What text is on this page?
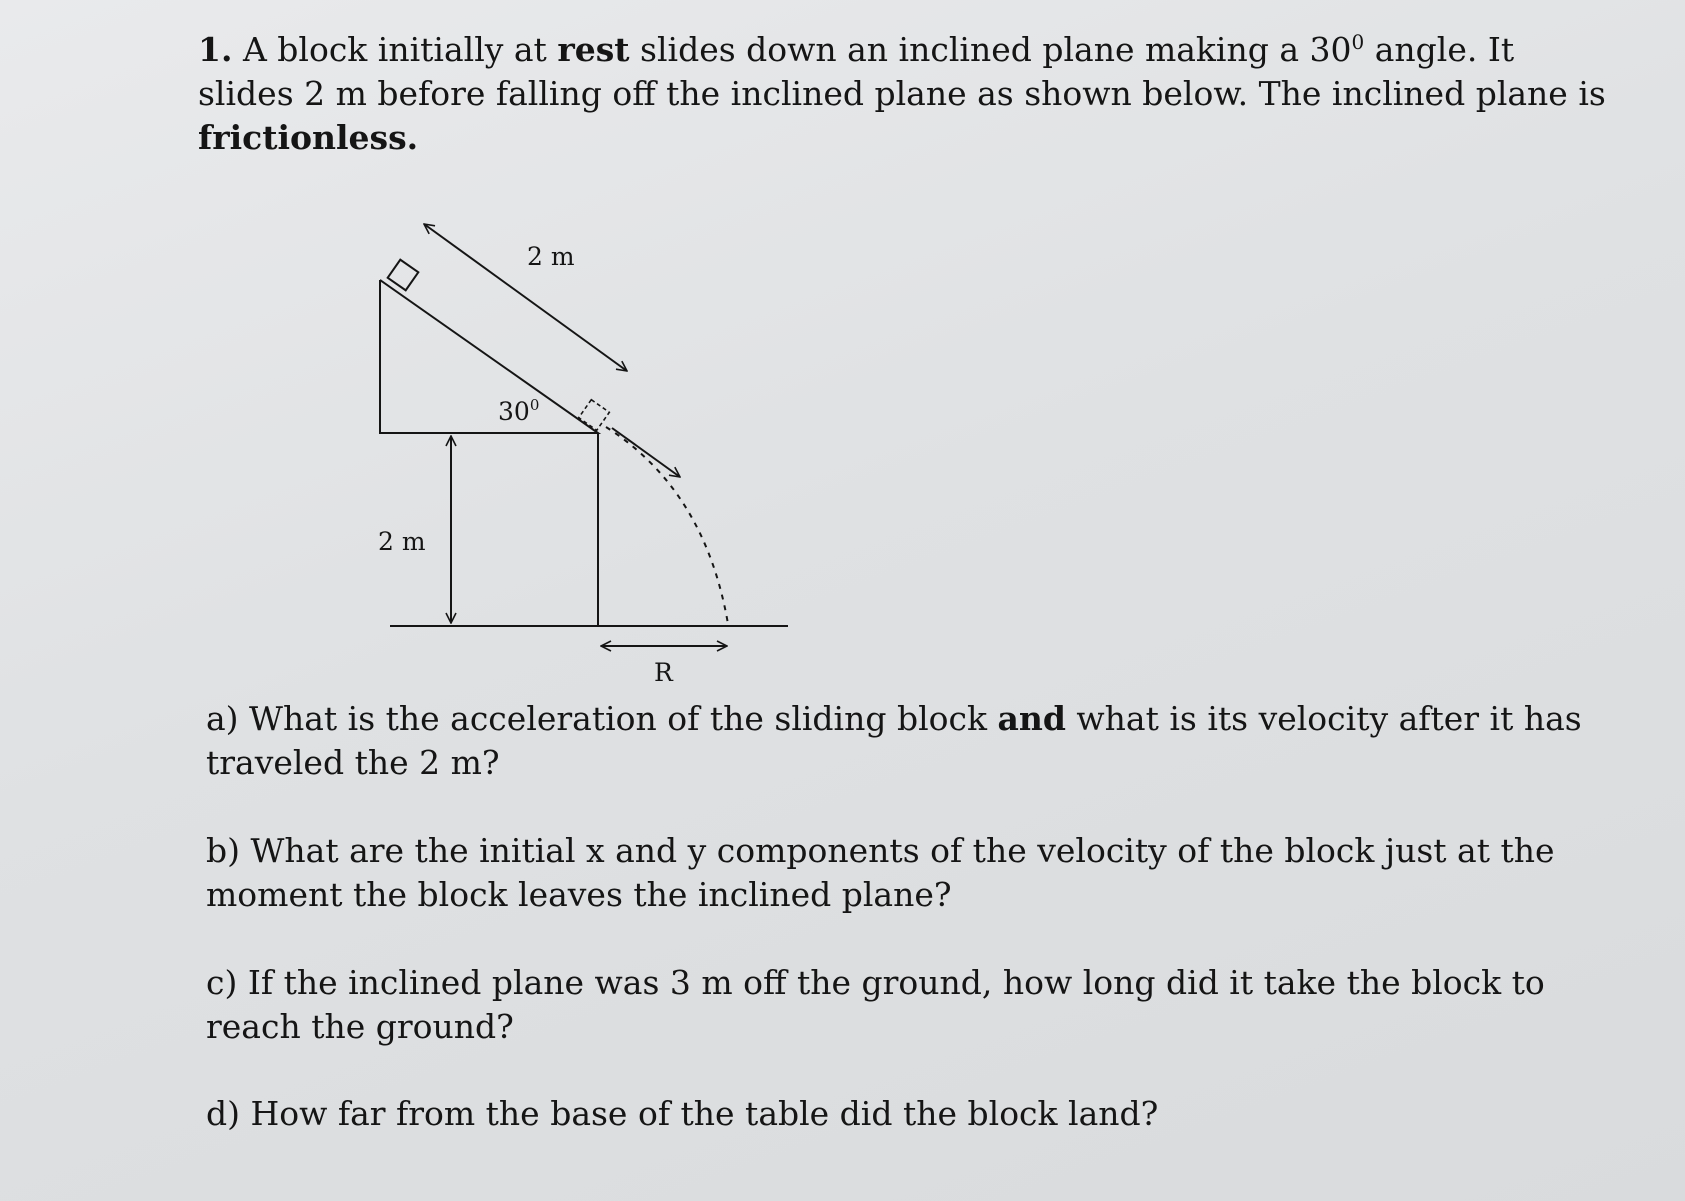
1. A block initially at rest slides down an inclined plane making a $30^0$ angle. It slides 2 m before falling off the inclined plane as shown below. The inclined plane is frictionless.
2 m
$30^0$
2 m
R
a) What is the acceleration of the sliding block and what is its velocity after it has traveled the 2 m?
b) What are the initial x and y components of the velocity of the block just at the moment the block leaves the inclined plane?
c) If the inclined plane was 3 m off the ground, how long did it take the block to reach the ground?
d) How far from the base of the table did the block land?
